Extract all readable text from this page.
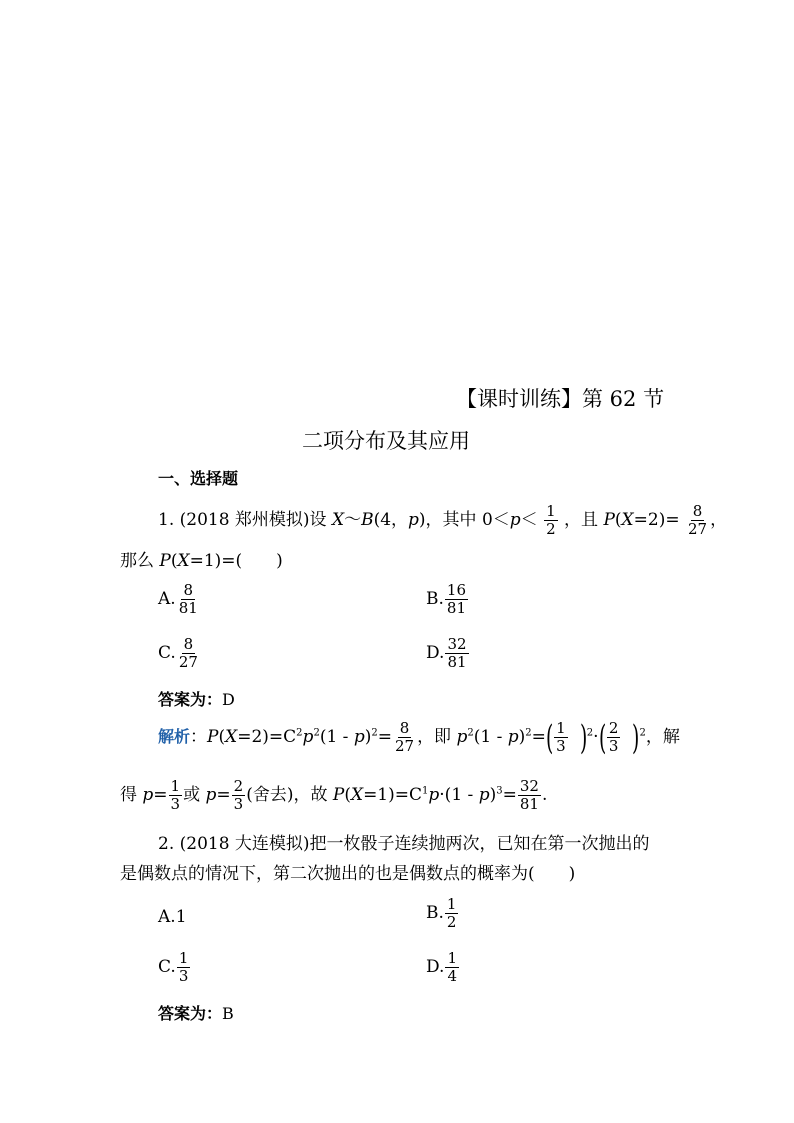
【课时训练】第 62 节
二项分布及其应用
一、选择题
1. (2018 郑州模拟)设 X～B(4，p)，其中 $0<p< \frac{1}{2}$ ，且 $P(X=2)= \frac{8}{27}$ ，
那么 P(X=1)=(　　)
A. $\frac{8}{81}$	B. $\frac{16}{81}$
C. $\frac{8}{27}$	D. $\frac{32}{81}$
答案为：D
解析：$P(X=2)=C^2p^2(1 - p)^2= \frac{8}{27}$ ，即 $p^2(1 - p)^2=( \frac{1}{3} )^2\cdot( \frac{2}{3} )^2$，解
得 $p= \frac{1}{3}$ 或 $p= \frac{2}{3}$ (舍去)，故 $P(X=1)=C^1p\cdot(1 - p)^3= \frac{32}{81}$ .
2. (2018 大连模拟)把一枚骰子连续抛两次，已知在第一次抛出的
是偶数点的情况下，第二次抛出的也是偶数点的概率为(　　)
A.1	B. $\frac{1}{2}$
C. $\frac{1}{3}$	D. $\frac{1}{4}$
答案为：B
